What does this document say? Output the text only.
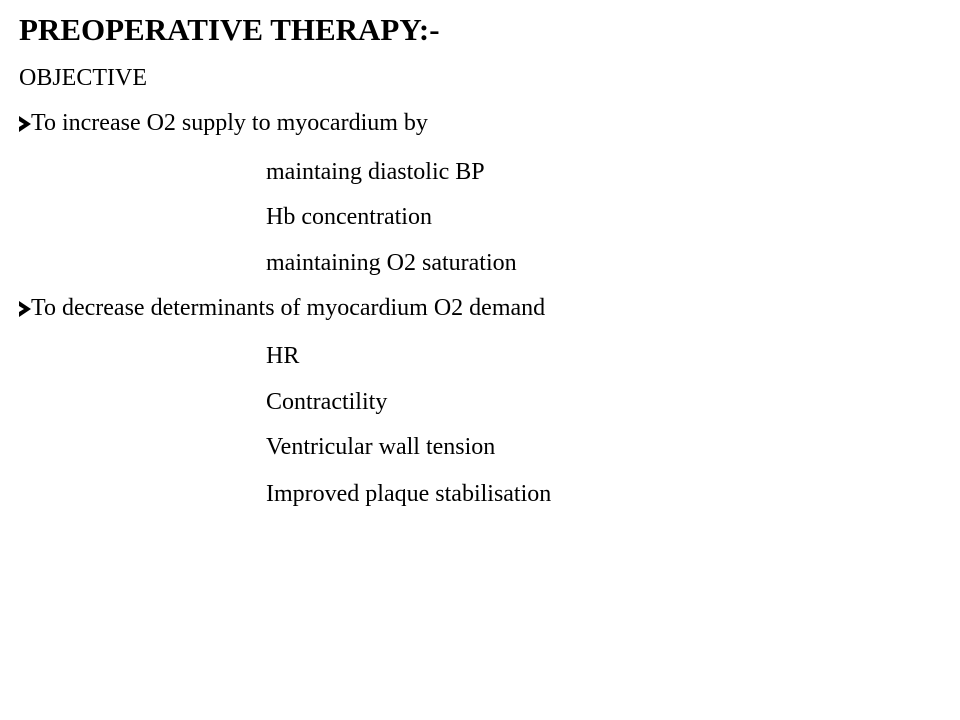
PREOPERATIVE THERAPY:-
OBJECTIVE
To increase O2 supply to myocardium by
maintaing diastolic BP
Hb concentration
maintaining O2 saturation
To decrease determinants of myocardium O2 demand
HR
Contractility
Ventricular wall tension
Improved plaque stabilisation
